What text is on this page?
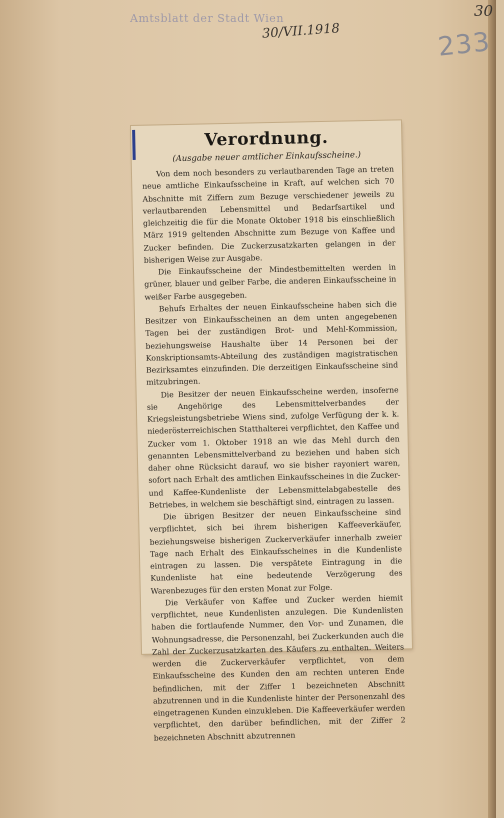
Amtsblatt der Stadt Wien
30/VII.1918	233
30
Verordnung.
(Ausgabe neuer amtlicher Einkaufsscheine.)

Von dem noch besonders zu verlautbarenden Tage an treten neue amtliche Einkaufsscheine in Kraft, auf welchen sich 70 Abschnitte mit Ziffern zum Bezuge verschiedener jeweils zu verlautbarenden Lebensmittel und Bedarfsartikel und gleichzeitig die für die Monate Oktober 1918 bis einschließlich März 1919 geltenden Abschnitte zum Bezuge von Kaffee und Zucker befinden. Die Zuckerzusatzkarten gelangen in der bisherigen Weise zur Ausgabe.

Die Einkaufsscheine der Mindestbemittelten werden in grüner, blauer und gelber Farbe, die anderen Einkaufsscheine in weißer Farbe ausgegeben.

Behufs Erhaltes der neuen Einkaufsscheine haben sich die Besitzer von Einkaufsscheinen an dem unten angegebenen Tagen bei der zuständigen Brot- und Mehl-Kommission, beziehungsweise Haushalte über 14 Personen bei der Konskriptionsamts-Abteilung des zuständigen magistratischen Bezirksamtes einzufinden. Die derzeitigen Einkaufsscheine sind mitzubringen.

Die Besitzer der neuen Einkaufsscheine werden, insoferne sie Angehörige des Lebensmittelverbandes der Kriegsleistungsbetriebe Wiens sind, zufolge Verfügung der k. k. niederösterreichischen Statthalterei verpflichtet, den Kaffee und Zucker vom 1. Oktober 1918 an wie das Mehl durch den genannten Lebensmittelverband zu beziehen und haben sich daher ohne Rücksicht darauf, wo sie bisher rayoniert waren, sofort nach Erhalt des amtlichen Einkaufsscheines in die Zucker- und Kaffee-Kundenliste der Lebensmittelabgabestelle des Betriebes, in welchem sie beschäftigt sind, eintragen zu lassen.

Die übrigen Besitzer der neuen Einkaufsscheine sind verpflichtet, sich bei ihrem bisherigen Kaffeeverkäufer, beziehungsweise bisherigen Zuckerverkäufer innerhalb zweier Tage nach Erhalt des Einkaufsscheines in die Kundenliste eintragen zu lassen. Die verspätete Eintragung in die Kundenliste hat eine bedeutende Verzögerung des Warenbezuges für den ersten Monat zur Folge.

Die Verkäufer von Kaffee und Zucker werden hiemit verpflichtet, neue Kundenlisten anzulegen. Die Kundenlisten haben die fortlaufende Nummer, den Vor- und Zunamen, die Wohnungsadresse, die Personenzahl, bei Zuckerkunden auch die Zahl der Zuckerzusatzkarten des Käufers zu enthalten. Weiters werden die Zuckerverkäufer verpflichtet, von dem Einkaufsscheine des Kunden den am rechten unteren Ende befindlichen, mit der Ziffer 1 bezeichneten Abschnitt abzutrennen und in die Kundenliste hinter der Personenzahl des eingetragenen Kunden einzukleben. Die Kaffeeverkäufer werden verpflichtet, den darüber befindlichen, mit der Ziffer 2 bezeichneten Abschnitt abzutrennen
